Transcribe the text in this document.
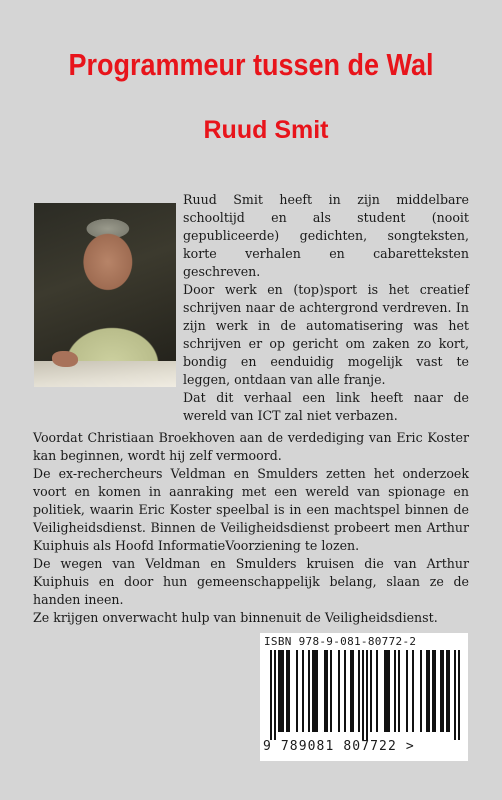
Programmeur tussen de Wal
Ruud Smit

Ruud Smit heeft in zijn middelbare schooltijd en als student (nooit gepubliceerde) gedichten, songteksten, korte verhalen en cabaretteksten geschreven.

Door werk en (top)sport is het creatief schrijven naar de achtergrond verdreven. In zijn werk in de automatisering was het schrijven er op gericht om zaken zo kort, bondig en eenduidig mogelijk vast te leggen, ontdaan van alle franje.

Dat dit verhaal een link heeft naar de wereld van ICT zal niet verbazen.

Voordat Christiaan Broekhoven aan de verdediging van Eric Koster kan beginnen, wordt hij zelf vermoord.

De ex-rechercheurs Veldman en Smulders zetten het onderzoek voort en komen in aanraking met een wereld van spionage en politiek, waarin Eric Koster speelbal is in een machtspel binnen de Veiligheidsdienst. Binnen de Veiligheidsdienst probeert men Arthur Kuiphuis als Hoofd InformatieVoorziening te lozen.

De wegen van Veldman en Smulders kruisen die van Arthur Kuiphuis en door hun gemeenschappelijk belang, slaan ze de handen ineen.

Ze krijgen onverwacht hulp van binnenuit de Veiligheidsdienst.

ISBN 978-9-081-80772-2
9 789081 807722 >
